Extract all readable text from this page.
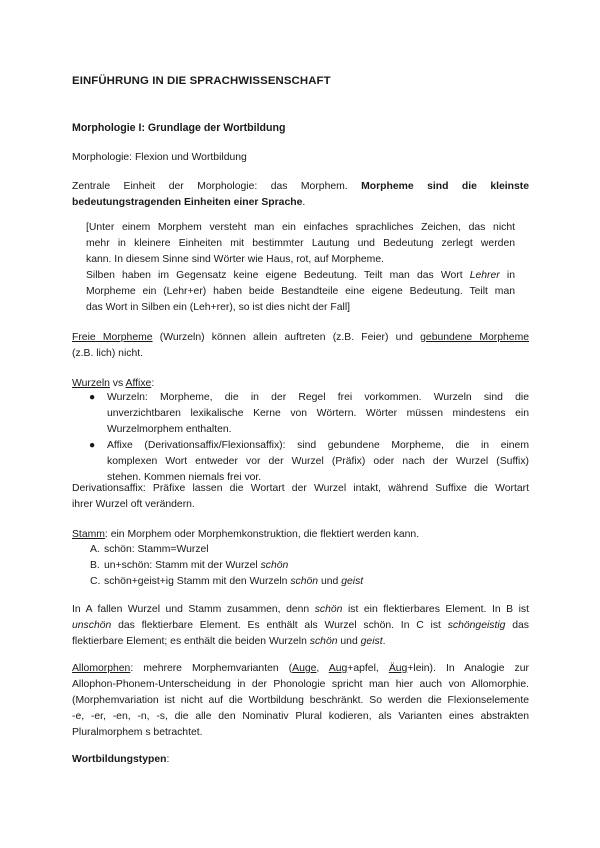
EINFÜHRUNG IN DIE SPRACHWISSENSCHAFT

Morphologie I: Grundlage der Wortbildung

Morphologie: Flexion und Wortbildung

Zentrale Einheit der Morphologie: das Morphem. Morpheme sind die kleinste
bedeutungstragenden Einheiten einer Sprache.
[Unter einem Morphem versteht man ein einfaches sprachliches Zeichen, das nicht
mehr in kleinere Einheiten mit bestimmter Lautung und Bedeutung zerlegt werden
kann. In diesem Sinne sind Wörter wie Haus, rot, auf Morpheme.
Silben haben im Gegensatz keine eigene Bedeutung. Teilt man das Wort Lehrer in
Morpheme ein (Lehr+er) haben beide Bestandteile eine eigene Bedeutung. Teilt man
das Wort in Silben ein (Leh+rer), so ist dies nicht der Fall]
Freie Morpheme (Wurzeln) können allein auftreten (z.B. Feier) und gebundene Morpheme
(z.B. lich) nicht.

Wurzeln vs Affixe:

● Wurzeln: Morpheme, die in der Regel frei vorkommen. Wurzeln sind die
unverzichtbaren lexikalische Kerne von Wörtern. Wörter müssen mindestens ein
Wurzelmorphem enthalten.
● Affixe (Derivationsaffix/Flexionsaffix): sind gebundene Morpheme, die in einem
komplexen Wort entweder vor der Wurzel (Präfix) oder nach der Wurzel (Suffix)
stehen. Kommen niemals frei vor.
Derivationsaffix: Präfixe lassen die Wortart der Wurzel intakt, während Suffixe die Wortart
ihrer Wurzel oft verändern.

Stamm: ein Morphem oder Morphemkonstruktion, die flektiert werden kann.

A. schön: Stamm=Wurzel
B. un+schön: Stamm mit der Wurzel schön
C. schön+geist+ig Stamm mit den Wurzeln schön und geist
In A fallen Wurzel und Stamm zusammen, denn schön ist ein flektierbares Element. In B ist
unschön das flektierbare Element. Es enthält als Wurzel schön. In C ist schöngeistig das
flektierbare Element; es enthält die beiden Wurzeln schön und geist.
Allomorphen: mehrere Morphemvarianten (Auge, Aug+apfel, Äug+lein). In Analogie zur
Allophon-Phonem-Unterscheidung in der Phonologie spricht man hier auch von Allomorphie.
(Morphemvariation ist nicht auf die Wortbildung beschränkt. So werden die Flexionselemente
-e, -er, -en, -n, -s, die alle den Nominativ Plural kodieren, als Varianten eines abstrakten
Pluralmorphem s betrachtet.

Wortbildungstypen:
